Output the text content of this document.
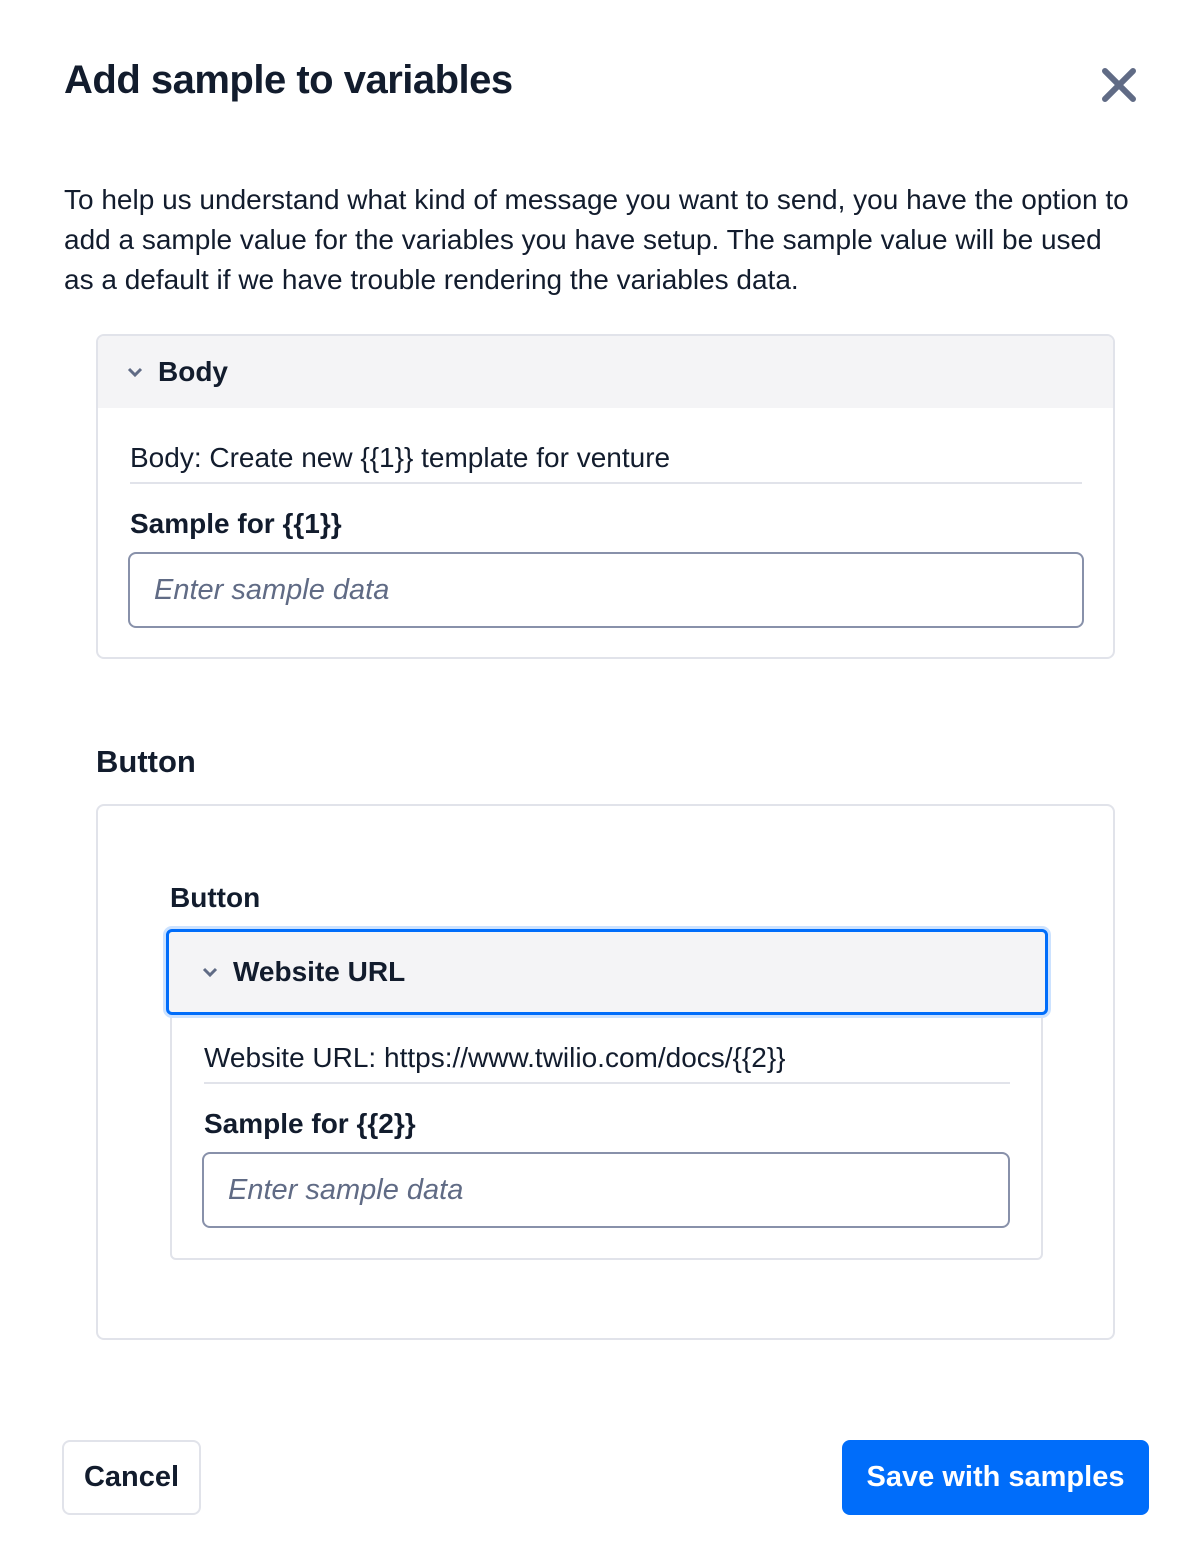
Add sample to variables

To help us understand what kind of message you want to send, you have the option to add a sample value for the variables you have setup. The sample value will be used as a default if we have trouble rendering the variables data.

Body
Body: Create new {{1}} template for venture
Sample for {{1}}
Enter sample data
Button
Button
Website URL
Website URL: https://www.twilio.com/docs/{{2}}
Sample for {{2}}
Enter sample data
Cancel	Save with samples
